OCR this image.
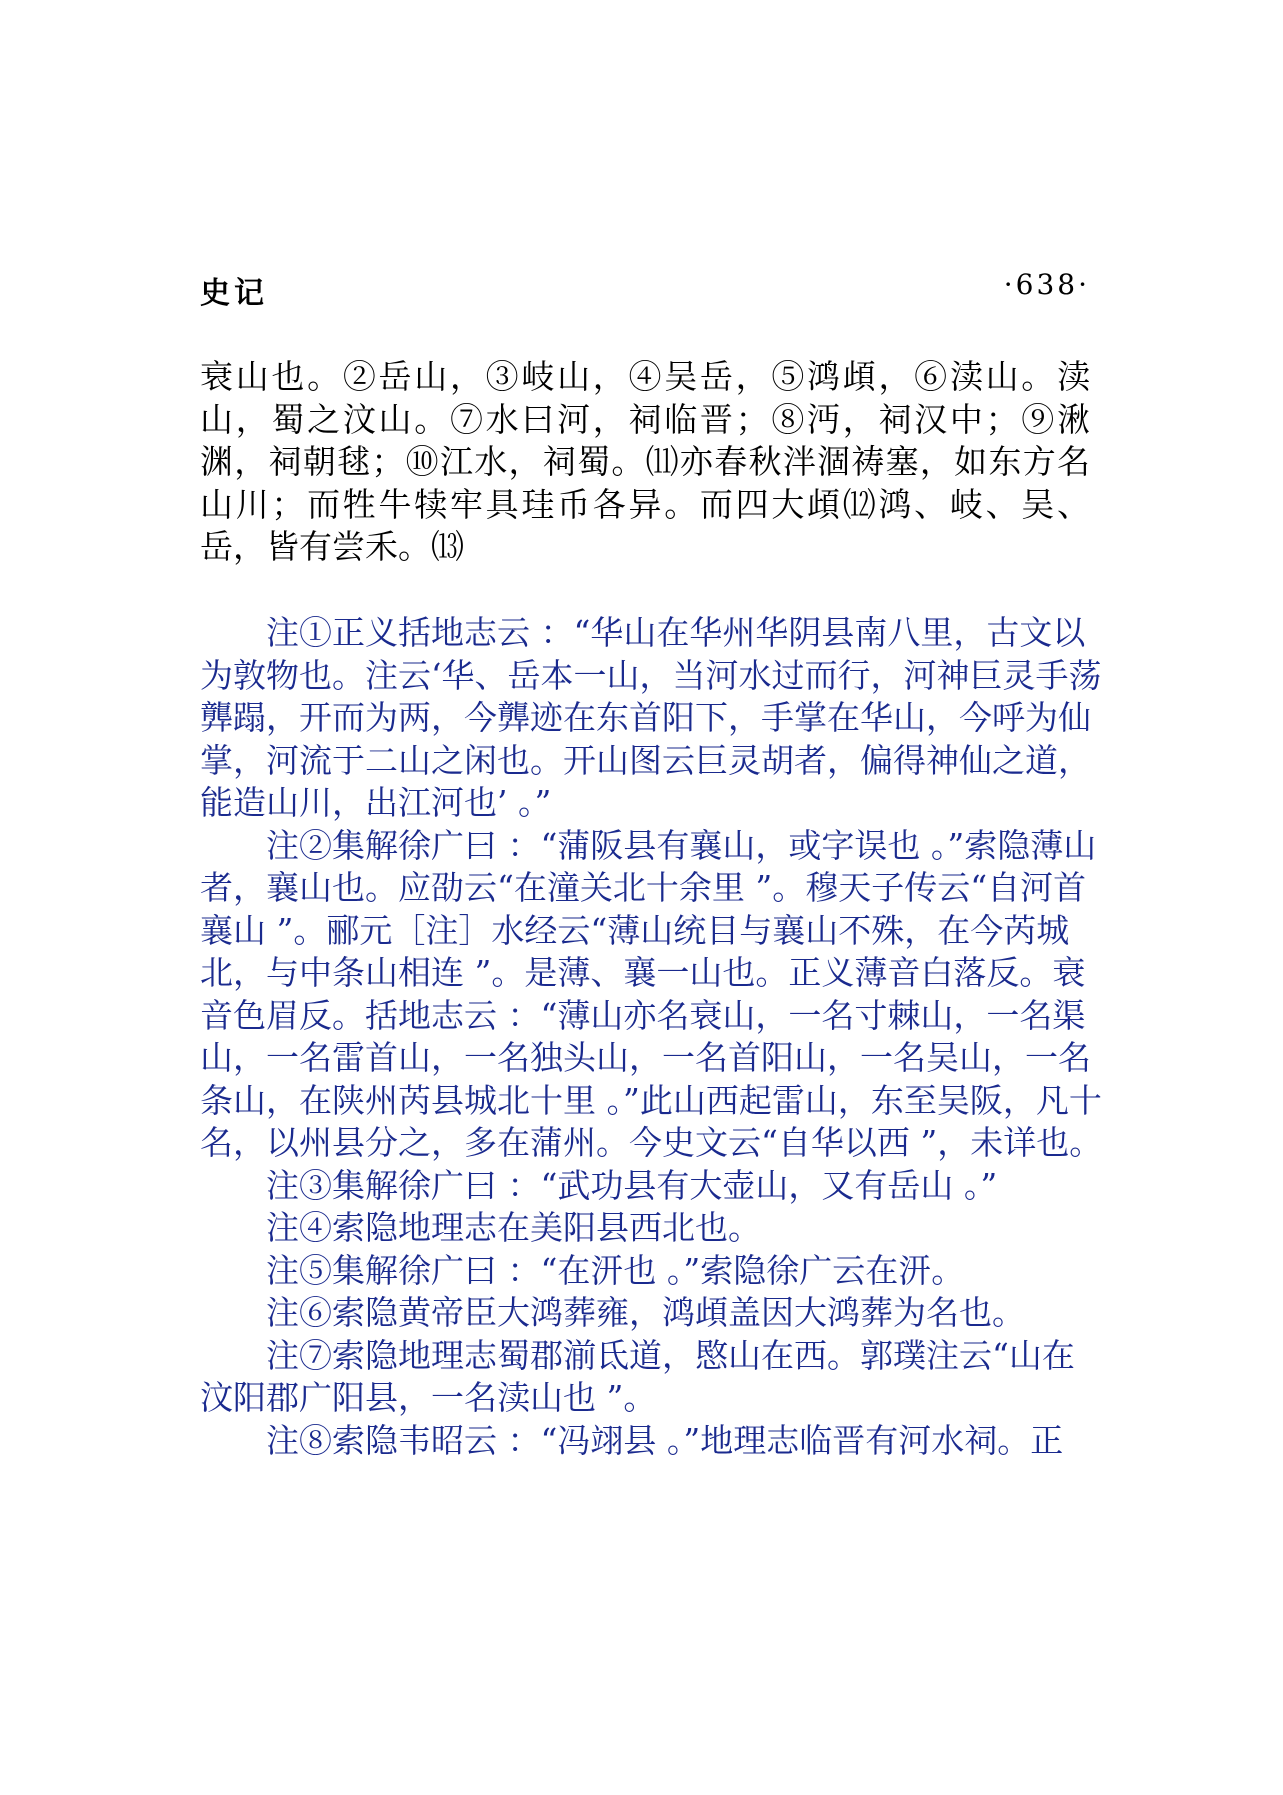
史记	·638·

衰山也。②岳山，③岐山，④吴岳，⑤鸿頉，⑥渎山。渎山，蜀之汶山。⑦水曰河，祠临晋；⑧沔，祠汉中；⑨湫渊，祠朝毬；⑩江水，祠蜀。⑾亦春秋泮涸祷塞，如东方名山川；而牲牛犊牢具珪币各异。而四大頉⑿鸿、岐、吴、岳，皆有尝禾。⒀

注①正义括地志云 ：“华山在华州华阴县南八里，古文以为敦物也。注云‘华、岳本一山，当河水过而行，河神巨灵手荡龏蹋，开而为两，今龏迹在东首阳下，手掌在华山，今呼为仙掌，河流于二山之闲也。开山图云巨灵胡者，偏得神仙之道，能造山川，出江河也’ 。”

注②集解徐广曰 ：“蒲阪县有襄山，或字误也 。”索隐薄山者，襄山也。应劭云“在潼关北十余里 ”。穆天子传云“自河首襄山 ”。郦元［注］水经云“薄山统目与襄山不殊，在今芮城北，与中条山相连 ”。是薄、襄一山也。正义薄音白落反。衰音色眉反。括地志云 ：“薄山亦名衰山，一名寸棘山，一名渠山，一名雷首山，一名独头山，一名首阳山，一名吴山，一名条山，在陕州芮县城北十里 。”此山西起雷山，东至吴阪，凡十名，以州县分之，多在蒲州。今史文云“自华以西 ”，未详也。

注③集解徐广曰 ：“武功县有大壶山，又有岳山 。”

注④索隐地理志在美阳县西北也。

注⑤集解徐广曰 ：“在汧也 。”索隐徐广云在汧。

注⑥索隐黄帝臣大鸿葬雍，鸿頉盖因大鸿葬为名也。

注⑦索隐地理志蜀郡湔氐道，愍山在西。郭璞注云“山在汶阳郡广阳县，一名渎山也 ”。

注⑧索隐韦昭云 ：“冯翊县 。”地理志临晋有河水祠。正
